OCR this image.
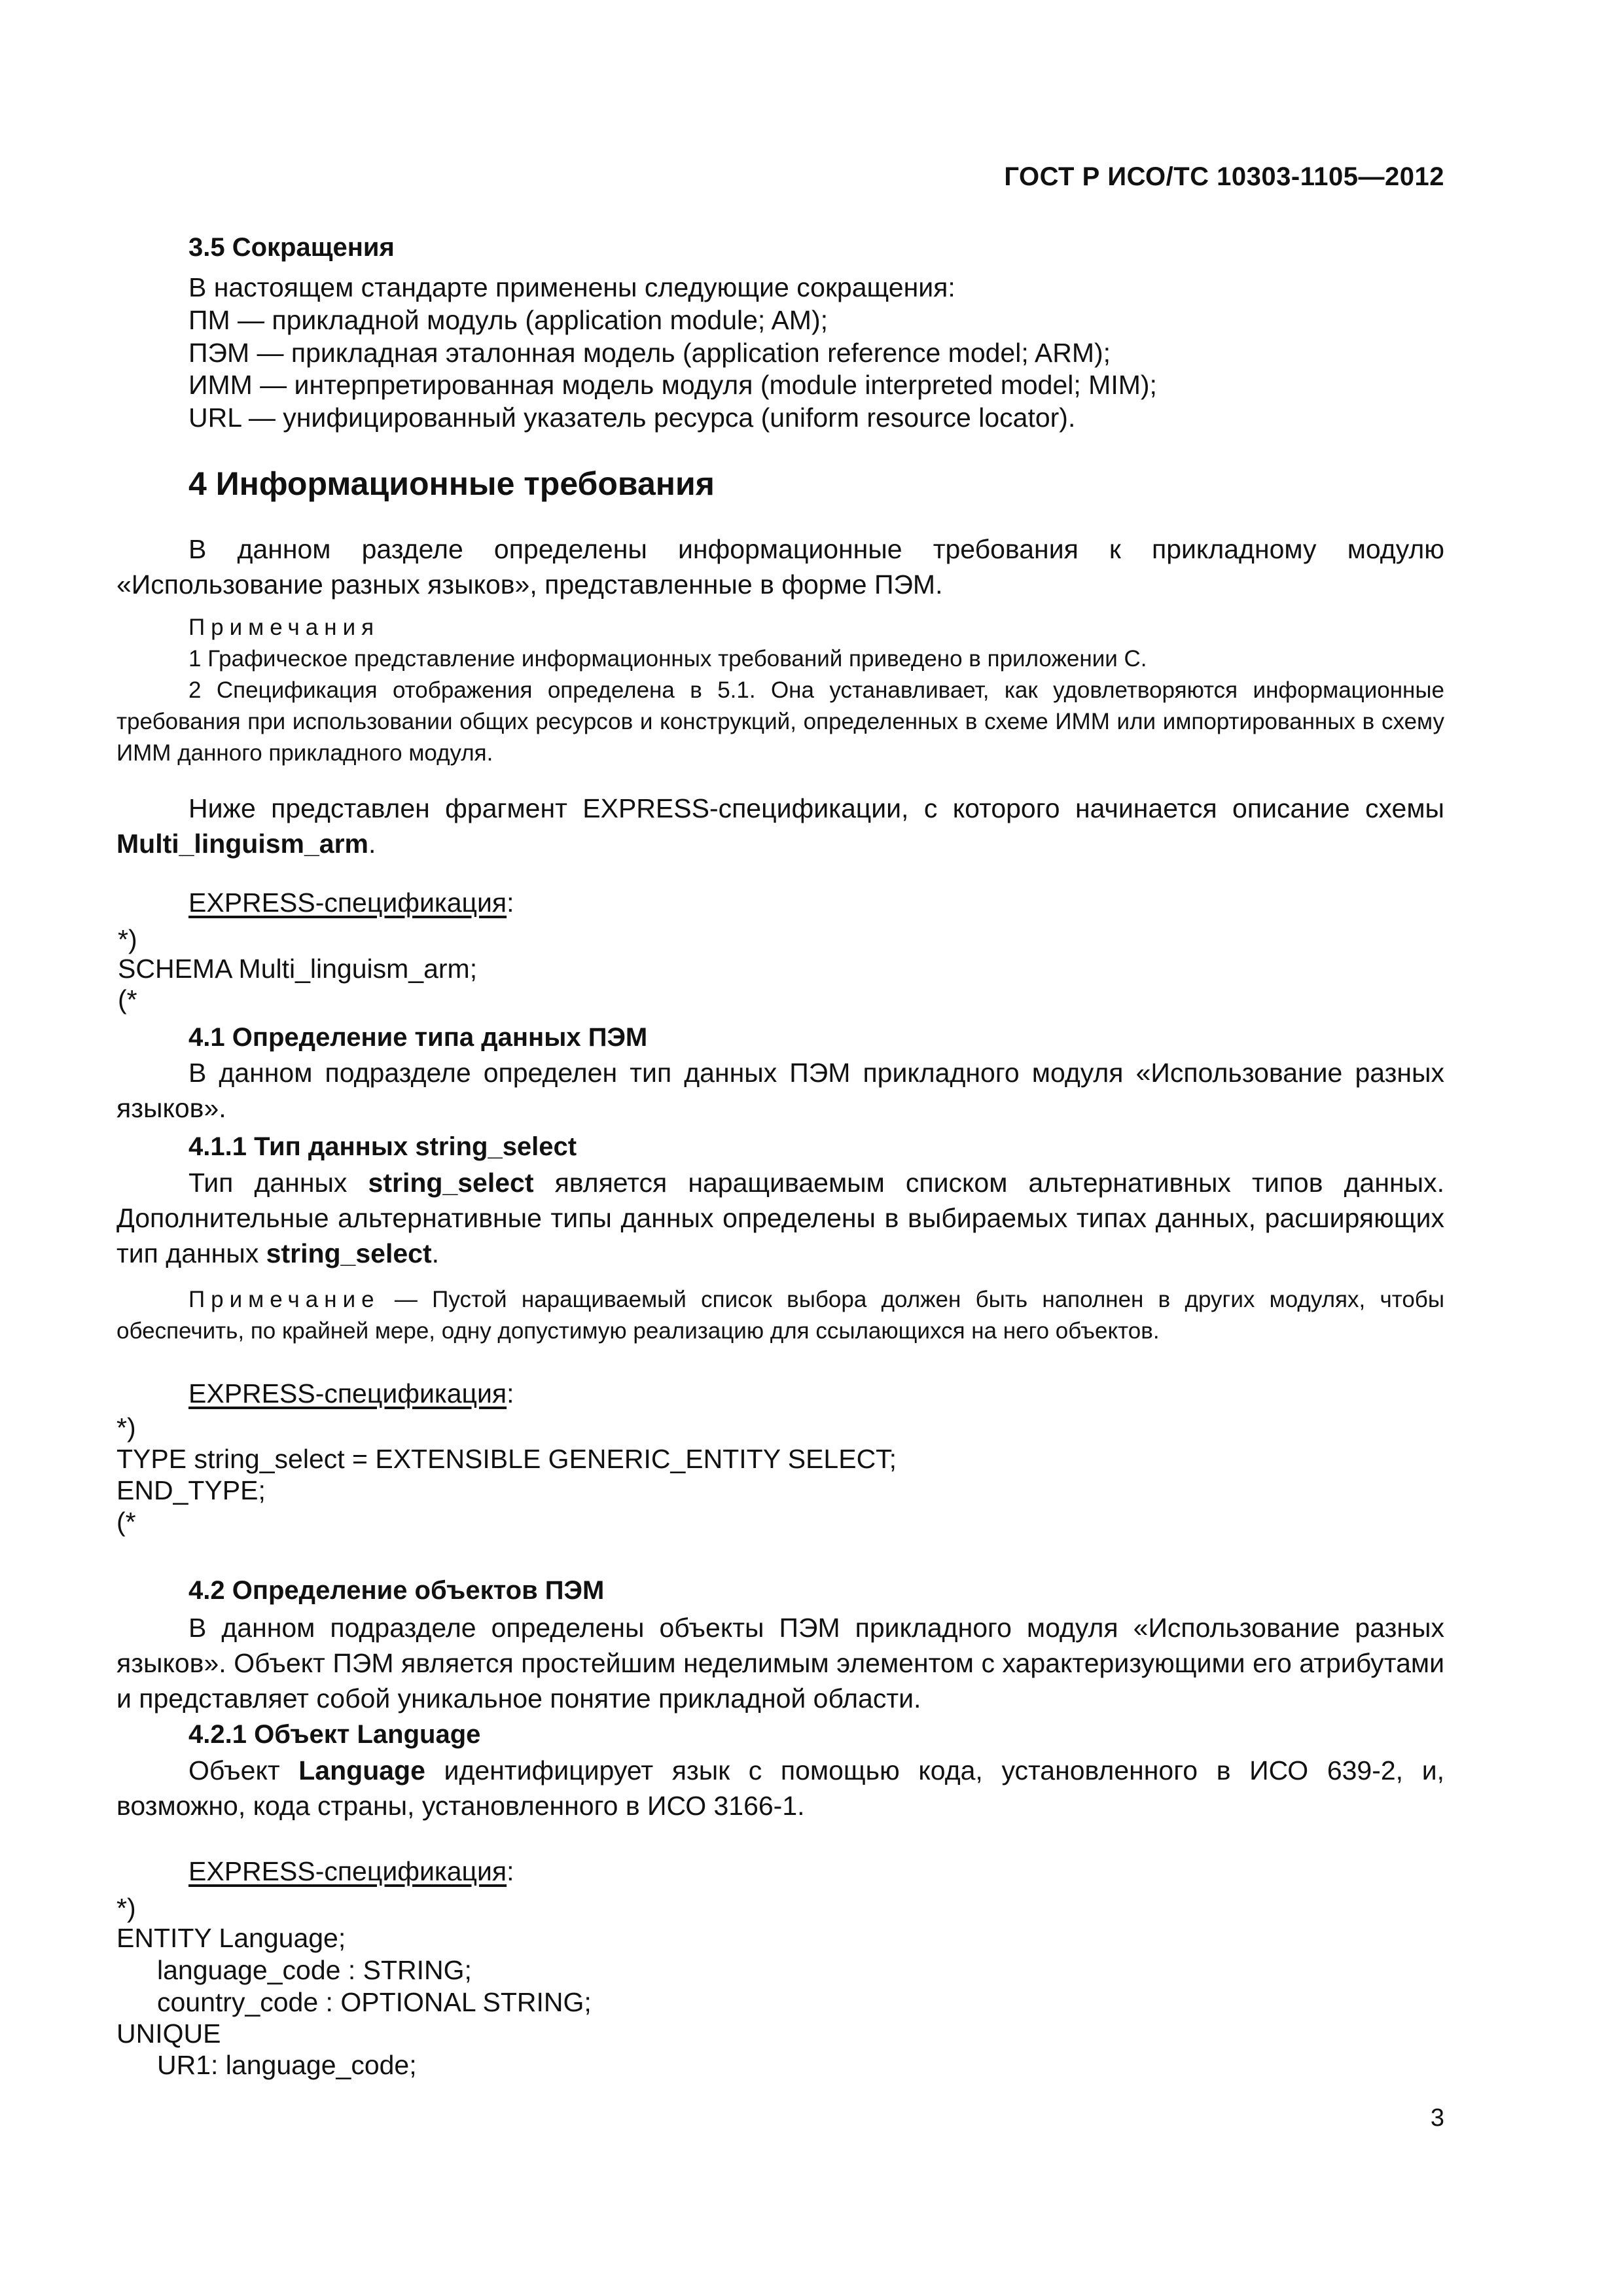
ГОСТ Р ИСО/ТС 10303-1105—2012
3.5 Сокращения
В настоящем стандарте применены следующие сокращения:
ПМ — прикладной модуль (application module; AM);
ПЭМ — прикладная эталонная модель (application reference model; ARM);
ИММ — интерпретированная модель модуля (module interpreted model; MIM);
URL — унифицированный указатель ресурса (uniform resource locator).
4 Информационные требования

В данном разделе определены информационные требования к прикладному модулю «Использование разных языков», представленные в форме ПЭМ.

Примечания

1 Графическое представление информационных требований приведено в приложении С.

2 Спецификация отображения определена в 5.1. Она устанавливает, как удовлетворяются информационные требования при использовании общих ресурсов и конструкций, определенных в схеме ИММ или импортированных в схему ИММ данного прикладного модуля.

Ниже представлен фрагмент EXPRESS-спецификации, с которого начинается описание схемы Multi_linguism_arm.

EXPRESS-спецификация:
*)
SCHEMA Multi_linguism_arm;
(*
4.1 Определение типа данных ПЭМ

В данном подразделе определен тип данных ПЭМ прикладного модуля «Использование разных языков».

4.1.1 Тип данных string_select

Тип данных string_select является наращиваемым списком альтернативных типов данных. Дополнительные альтернативные типы данных определены в выбираемых типах данных, расширяющих тип данных string_select.

Примечание — Пустой наращиваемый список выбора должен быть наполнен в других модулях, чтобы обеспечить, по крайней мере, одну допустимую реализацию для ссылающихся на него объектов.

EXPRESS-спецификация:
*)
TYPE string_select = EXTENSIBLE GENERIC_ENTITY SELECT;
END_TYPE;
(*
4.2 Определение объектов ПЭМ

В данном подразделе определены объекты ПЭМ прикладного модуля «Использование разных языков». Объект ПЭМ является простейшим неделимым элементом с характеризующими его атрибутами и представляет собой уникальное понятие прикладной области.

4.2.1 Объект Language

Объект Language идентифицирует язык с помощью кода, установленного в ИСО 639-2, и, возможно, кода страны, установленного в ИСО 3166-1.

EXPRESS-спецификация:
*)
ENTITY Language;
language_code : STRING;
country_code : OPTIONAL STRING;
UNIQUE
UR1: language_code;
3
